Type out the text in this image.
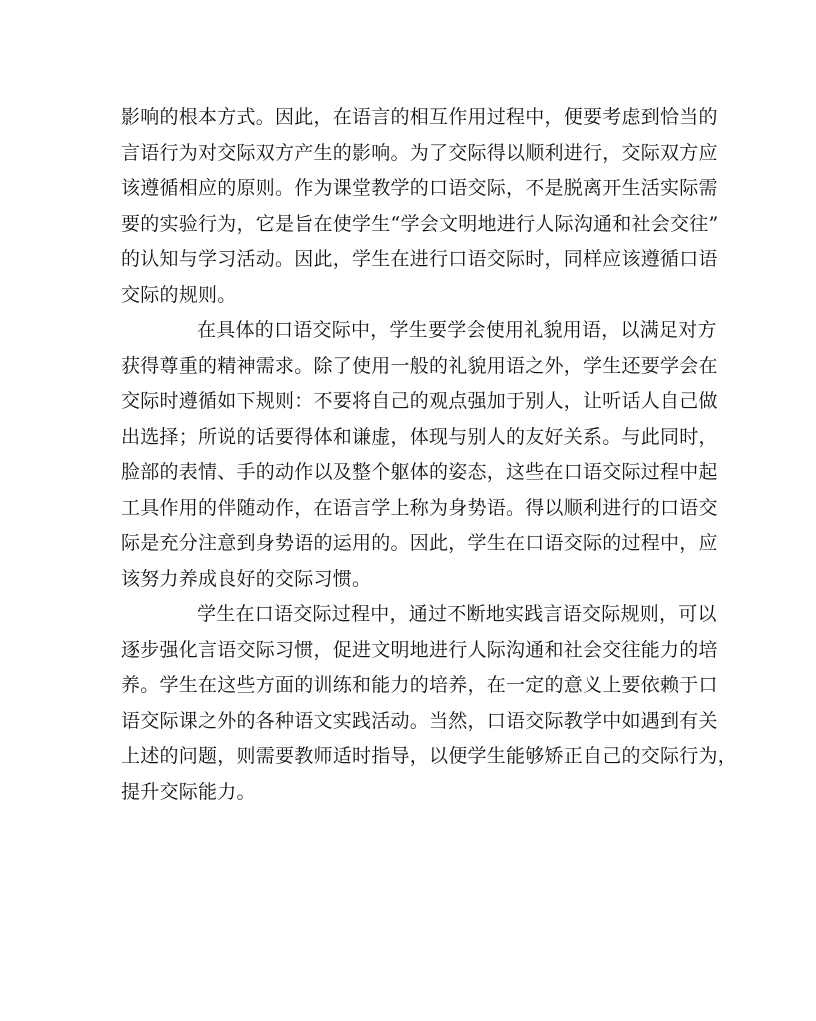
影响的根本方式。因此，在语言的相互作用过程中，便要考虑到恰当的
言语行为对交际双方产生的影响。为了交际得以顺利进行，交际双方应
该遵循相应的原则。作为课堂教学的口语交际，不是脱离开生活实际需
要的实验行为，它是旨在使学生“学会文明地进行人际沟通和社会交往”
的认知与学习活动。因此，学生在进行口语交际时，同样应该遵循口语
交际的规则。

在具体的口语交际中，学生要学会使用礼貌用语，以满足对方
获得尊重的精神需求。除了使用一般的礼貌用语之外，学生还要学会在
交际时遵循如下规则：不要将自己的观点强加于别人，让听话人自己做
出选择；所说的话要得体和谦虚，体现与别人的友好关系。与此同时，
脸部的表情、手的动作以及整个躯体的姿态，这些在口语交际过程中起
工具作用的伴随动作，在语言学上称为身势语。得以顺利进行的口语交
际是充分注意到身势语的运用的。因此，学生在口语交际的过程中，应
该努力养成良好的交际习惯。

学生在口语交际过程中，通过不断地实践言语交际规则，可以
逐步强化言语交际习惯，促进文明地进行人际沟通和社会交往能力的培
养。学生在这些方面的训练和能力的培养，在一定的意义上要依赖于口
语交际课之外的各种语文实践活动。当然，口语交际教学中如遇到有关
上述的问题，则需要教师适时指导，以便学生能够矫正自己的交际行为，
提升交际能力。
